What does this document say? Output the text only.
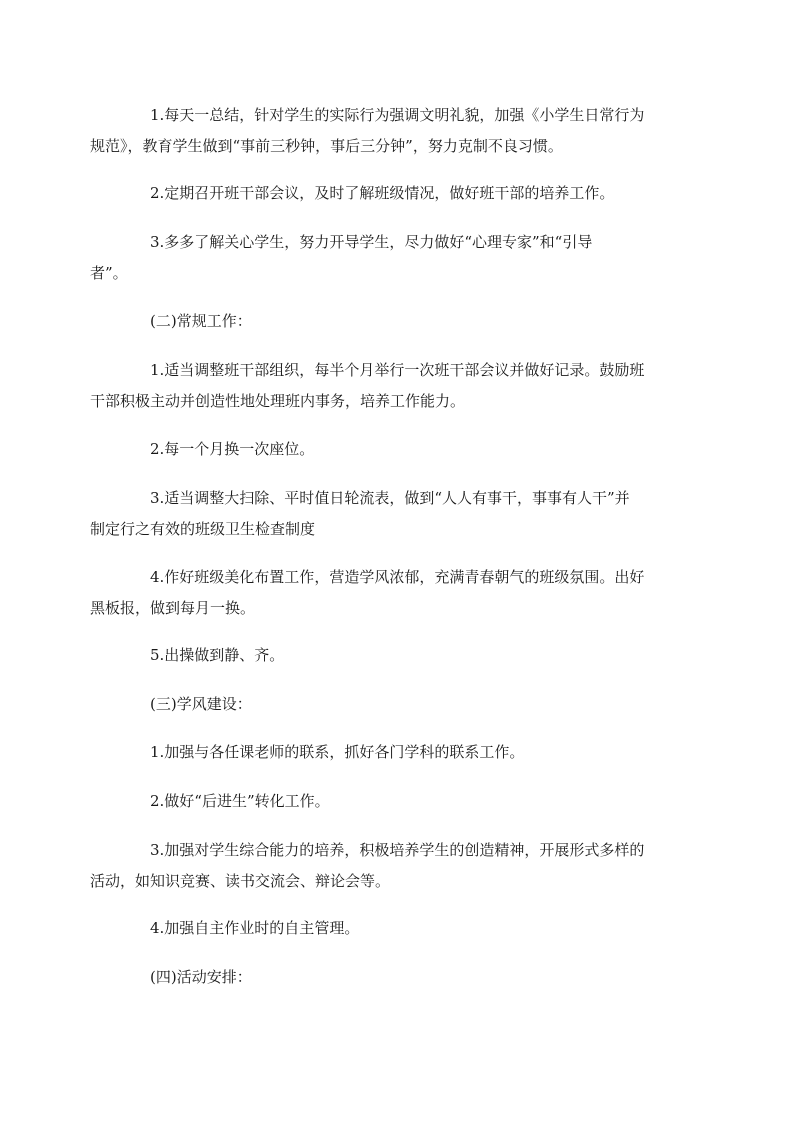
1.每天一总结，针对学生的实际行为强调文明礼貌，加强《小学生日常行为
规范》，教育学生做到“事前三秒钟，事后三分钟”，努力克制不良习惯。

2.定期召开班干部会议，及时了解班级情况，做好班干部的培养工作。

3.多多了解关心学生，努力开导学生，尽力做好“心理专家”和“引导
者”。

(二)常规工作：

1.适当调整班干部组织，每半个月举行一次班干部会议并做好记录。鼓励班
干部积极主动并创造性地处理班内事务，培养工作能力。

2.每一个月换一次座位。

3.适当调整大扫除、平时值日轮流表，做到“人人有事干，事事有人干”并
制定行之有效的班级卫生检查制度

4.作好班级美化布置工作，营造学风浓郁，充满青春朝气的班级氛围。出好
黑板报，做到每月一换。

5.出操做到静、齐。

(三)学风建设：

1.加强与各任课老师的联系，抓好各门学科的联系工作。

2.做好“后进生”转化工作。

3.加强对学生综合能力的培养，积极培养学生的创造精神，开展形式多样的
活动，如知识竞赛、读书交流会、辩论会等。

4.加强自主作业时的自主管理。

(四)活动安排：
